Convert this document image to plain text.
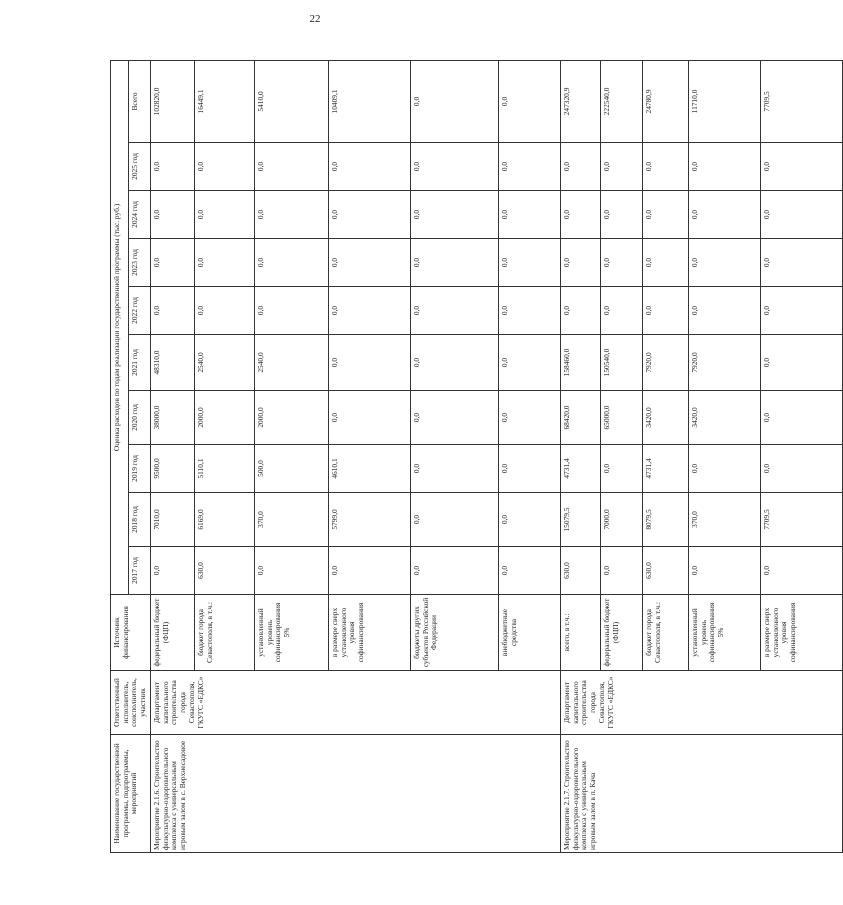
22
Наименование государственной программы, подпрограммы, мероприятий	Ответственный исполнитель, соисполнитель, участник	Источник финансирования	Оценка расходов по годам реализации государственной программы (тыс. руб.)									
			2017 год	2018 год	2019 год	2020 год	2021 год	2022 год	2023 год	2024 год	2025 год	Всего
Мероприятие 2.1.6. Строительство физкультурно-оздоровительного комплекса с универсальным игровым залом в с. Верхнесадовое	Департамент капитального строительства города Севастополя, ГКУГС «ЕДКС»	федеральный бюджет (ФЦП)	0,0	7010,0	9500,0	38000,0	48310,0	0,0	0,0	0,0	0,0	102820,0
		бюджет города Севастополя, в т.ч.:	630,0	6169,0	5110,1	2000,0	2540,0	0,0	0,0	0,0	0,0	16449,1
		установленный уровень софинансирования 5%	0,0	370,0	500,0	2000,0	2540,0	0,0	0,0	0,0	0,0	5410,0
		в размере сверх установленного уровня софинансирования	0,0	5799,0	4610,1	0,0	0,0	0,0	0,0	0,0	0,0	10409,1
		бюджеты других субъектов Российской Федерации	0,0	0,0	0,0	0,0	0,0	0,0	0,0	0,0	0,0	0,0
		внебюджетные средства	0,0	0,0	0,0	0,0	0,0	0,0	0,0	0,0	0,0	0,0
Мероприятие 2.1.7. Строительство физкультурно-оздоровительного комплекса с универсальным игровым залом в п. Кача	Департамент капитального строительства города Севастополя, ГКУГС «ЕДКС»	всего, в т.ч.:	630,0	15079,5	4731,4	68420,0	158460,0	0,0	0,0	0,0	0,0	247320,9
		федеральный бюджет (ФЦП)	0,0	7000,0	0,0	65000,0	150540,0	0,0	0,0	0,0	0,0	222540,0
		бюджет города Севастополя, в т.ч.:	630,0	8079,5	4731,4	3420,0	7920,0	0,0	0,0	0,0	0,0	24780,9
		установленный уровень софинансирования 5%	0,0	370,0	0,0	3420,0	7920,0	0,0	0,0	0,0	0,0	11710,0
		в размере сверх установленного уровня софинансирования	0,0	7709,5	0,0	0,0	0,0	0,0	0,0	0,0	0,0	7709,5
